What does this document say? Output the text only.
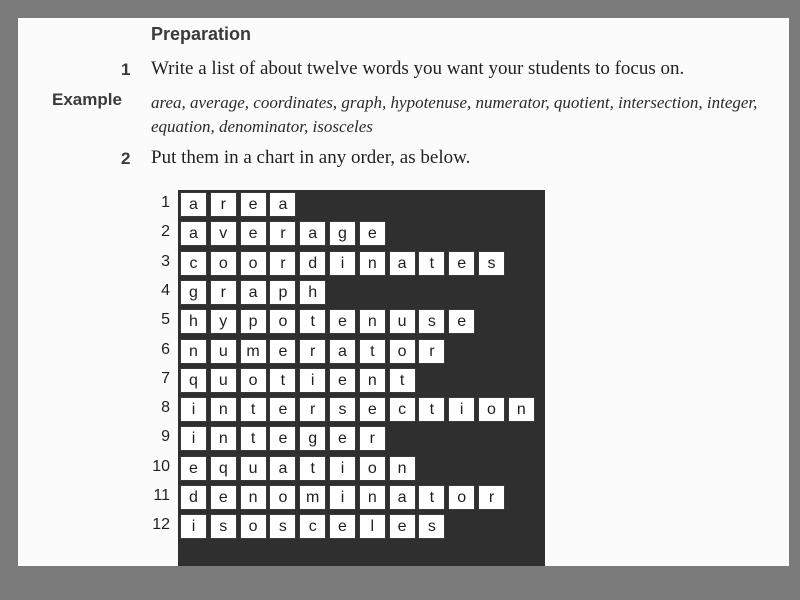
Preparation
1 Write a list of about twelve words you want your students to focus on.
Example area, average, coordinates, graph, hypotenuse, numerator, quotient, intersection, integer, equation, denominator, isosceles
2 Put them in a chart in any order, as below.
1	a	r	e	a
2	a	v	e	r	a	g	e
3	c	o	o	r	d	i	n	a	t	e	s
4	g	r	a	p	h
5	h	y	p	o	t	e	n	u	s	e
6	n	u	m	e	r	a	t	o	r
7	q	u	o	t	i	e	n	t
8	i	n	t	e	r	s	e	c	t	i	o	n
9	i	n	t	e	g	e	r
10	e	q	u	a	t	i	o	n
11	d	e	n	o	m	i	n	a	t	o	r
12	i	s	o	s	c	e	l	e	s
